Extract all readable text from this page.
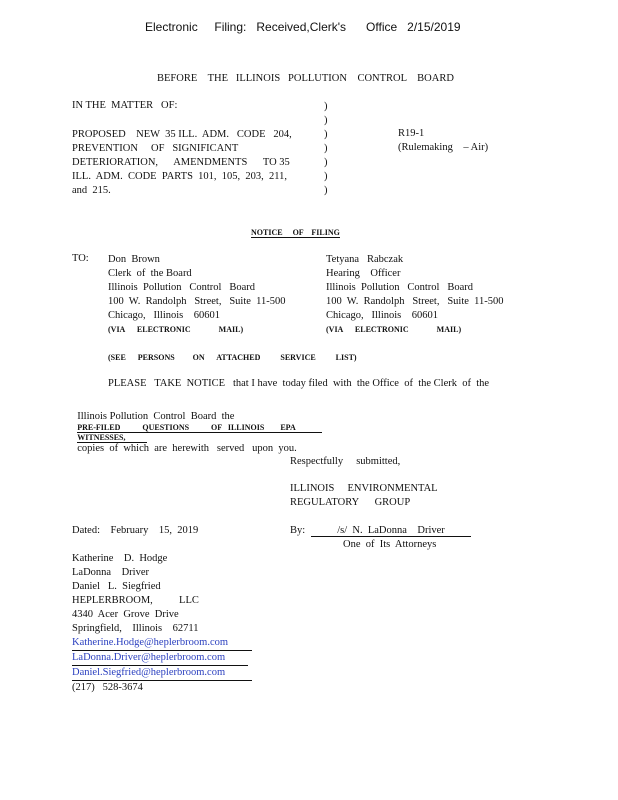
Electronic     Filing:   Received,Clerk's      Office   2/15/2019
BEFORE    THE   ILLINOIS   POLLUTION    CONTROL    BOARD
IN THE  MATTER   OF:
PROPOSED    NEW  35 ILL.  ADM.   CODE   204,
PREVENTION     OF   SIGNIFICANT
DETERIORATION,      AMENDMENTS      TO 35
ILL.  ADM.  CODE  PARTS  101,  105,  203,  211,
and  215.
)
)
)
)
)
)
)
R19-1
(Rulemaking    – Air)
NOTICE     OF    FILING
TO: Don  Brown
Clerk  of  the Board
Illinois  Pollution   Control   Board
100  W.  Randolph   Street,   Suite  11-500
Chicago,   Illinois    60601
(VIA      ELECTRONIC              MAIL)
Tetyana   Rabczak
Hearing    Officer
Illinois  Pollution   Control   Board
100  W.  Randolph   Street,   Suite  11-500
Chicago,   Illinois    60601
(VIA      ELECTRONIC              MAIL)
(SEE      PERSONS         ON      ATTACHED          SERVICE          LIST)
PLEASE   TAKE  NOTICE   that I have  today filed  with  the Office  of  the Clerk  of  the

Illinois Pollution  Control  Board  the
PRE-FILED           QUESTIONS           OF   ILLINOIS        EPA

WITNESSES,
copies  of  which  are  herewith   served   upon  you.

Respectfully     submitted,
ILLINOIS     ENVIRONMENTAL
REGULATORY      GROUP
Dated:    February    15,  2019	By:	/s/  N.  LaDonna    Driver
One  of  Its  Attorneys
Katherine    D.  Hodge
LaDonna    Driver
Daniel   L.  Siegfried
HEPLERBROOM,          LLC
4340  Acer  Grove  Drive
Springfield,    Illinois    62711
Katherine.Hodge@heplerbroom.com
LaDonna.Driver@heplerbroom.com
Daniel.Siegfried@heplerbroom.com
(217)   528-3674
